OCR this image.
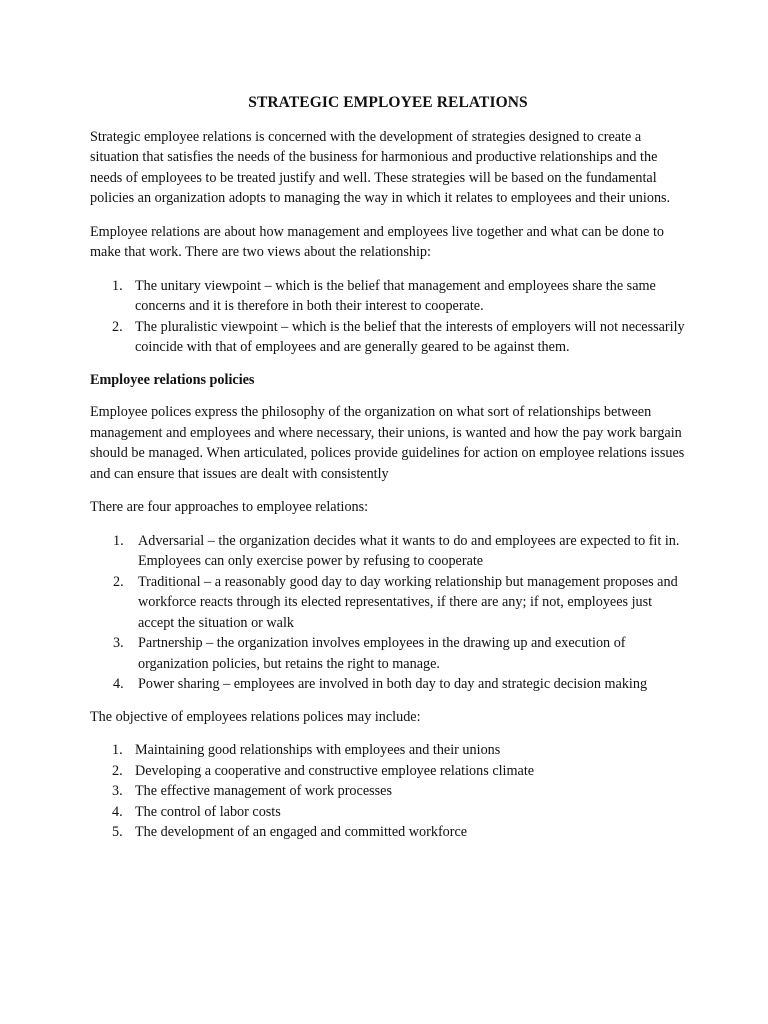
STRATEGIC EMPLOYEE RELATIONS

Strategic employee relations is concerned with the development of strategies designed to create a situation that satisfies the needs of the business for harmonious and productive relationships and the needs of employees to be treated justify and well. These strategies will be based on the fundamental policies an organization adopts to managing the way in which it relates to employees and their unions.

Employee relations are about how management and employees live together and what can be done to make that work. There are two views about the relationship:

1. The unitary viewpoint – which is the belief that management and employees share the same concerns and it is therefore in both their interest to cooperate.
2. The pluralistic viewpoint – which is the belief that the interests of employers will not necessarily coincide with that of employees and are generally geared to be against them.
Employee relations policies

Employee polices express the philosophy of the organization on what sort of relationships between management and employees and where necessary, their unions, is wanted and how the pay work bargain should be managed. When articulated, polices provide guidelines for action on employee relations issues and can ensure that issues are dealt with consistently

There are four approaches to employee relations:

1. Adversarial – the organization decides what it wants to do and employees are expected to fit in. Employees can only exercise power by refusing to cooperate
2. Traditional – a reasonably good day to day working relationship but management proposes and workforce reacts through its elected representatives, if there are any; if not, employees just accept the situation or walk
3. Partnership – the organization involves employees in the drawing up and execution of organization policies, but retains the right to manage.
4. Power sharing – employees are involved in both day to day and strategic decision making

The objective of employees relations polices may include:

1. Maintaining good relationships with employees and their unions
2. Developing a cooperative and constructive employee relations climate
3. The effective management of work processes
4. The control of labor costs
5. The development of an engaged and committed workforce
